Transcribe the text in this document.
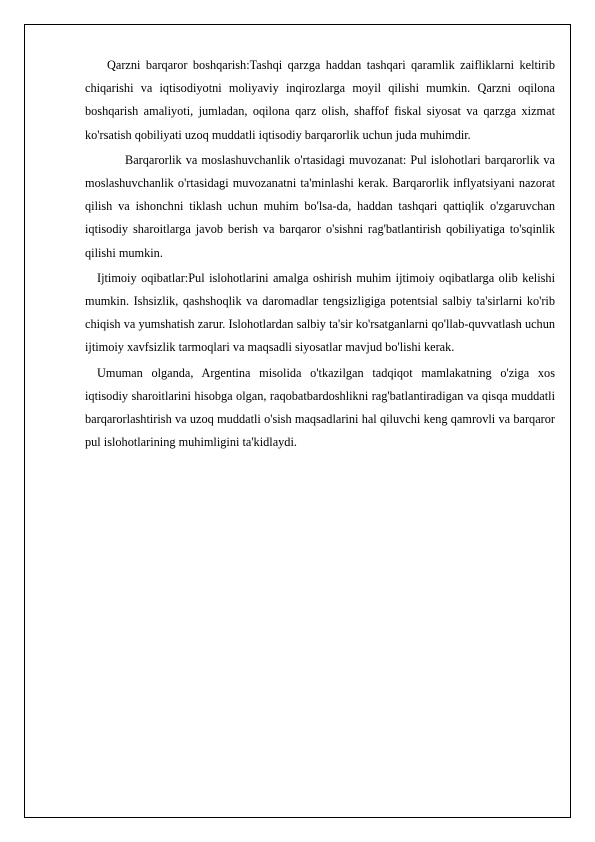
Qarzni barqaror boshqarish:Tashqi qarzga haddan tashqari qaramlik zaifliklarni keltirib chiqarishi va iqtisodiyotni moliyaviy inqirozlarga moyil qilishi mumkin. Qarzni oqilona boshqarish amaliyoti, jumladan, oqilona qarz olish, shaffof fiskal siyosat va qarzga xizmat ko'rsatish qobiliyati uzoq muddatli iqtisodiy barqarorlik uchun juda muhimdir.

Barqarorlik va moslashuvchanlik o'rtasidagi muvozanat: Pul islohotlari barqarorlik va moslashuvchanlik o'rtasidagi muvozanatni ta'minlashi kerak. Barqarorlik inflyatsiyani nazorat qilish va ishonchni tiklash uchun muhim bo'lsa-da, haddan tashqari qattiqlik o'zgaruvchan iqtisodiy sharoitlarga javob berish va barqaror o'sishni rag'batlantirish qobiliyatiga to'sqinlik qilishi mumkin.

Ijtimoiy oqibatlar:Pul islohotlarini amalga oshirish muhim ijtimoiy oqibatlarga olib kelishi mumkin. Ishsizlik, qashshoqlik va daromadlar tengsizligiga potentsial salbiy ta'sirlarni ko'rib chiqish va yumshatish zarur. Islohotlardan salbiy ta'sir ko'rsatganlarni qo'llab-quvvatlash uchun ijtimoiy xavfsizlik tarmoqlari va maqsadli siyosatlar mavjud bo'lishi kerak.

Umuman olganda, Argentina misolida o'tkazilgan tadqiqot mamlakatning o'ziga xos iqtisodiy sharoitlarini hisobga olgan, raqobatbardoshlikni rag'batlantiradigan va qisqa muddatli barqarorlashtirish va uzoq muddatli o'sish maqsadlarini hal qiluvchi keng qamrovli va barqaror pul islohotlarining muhimligini ta'kidlaydi.
